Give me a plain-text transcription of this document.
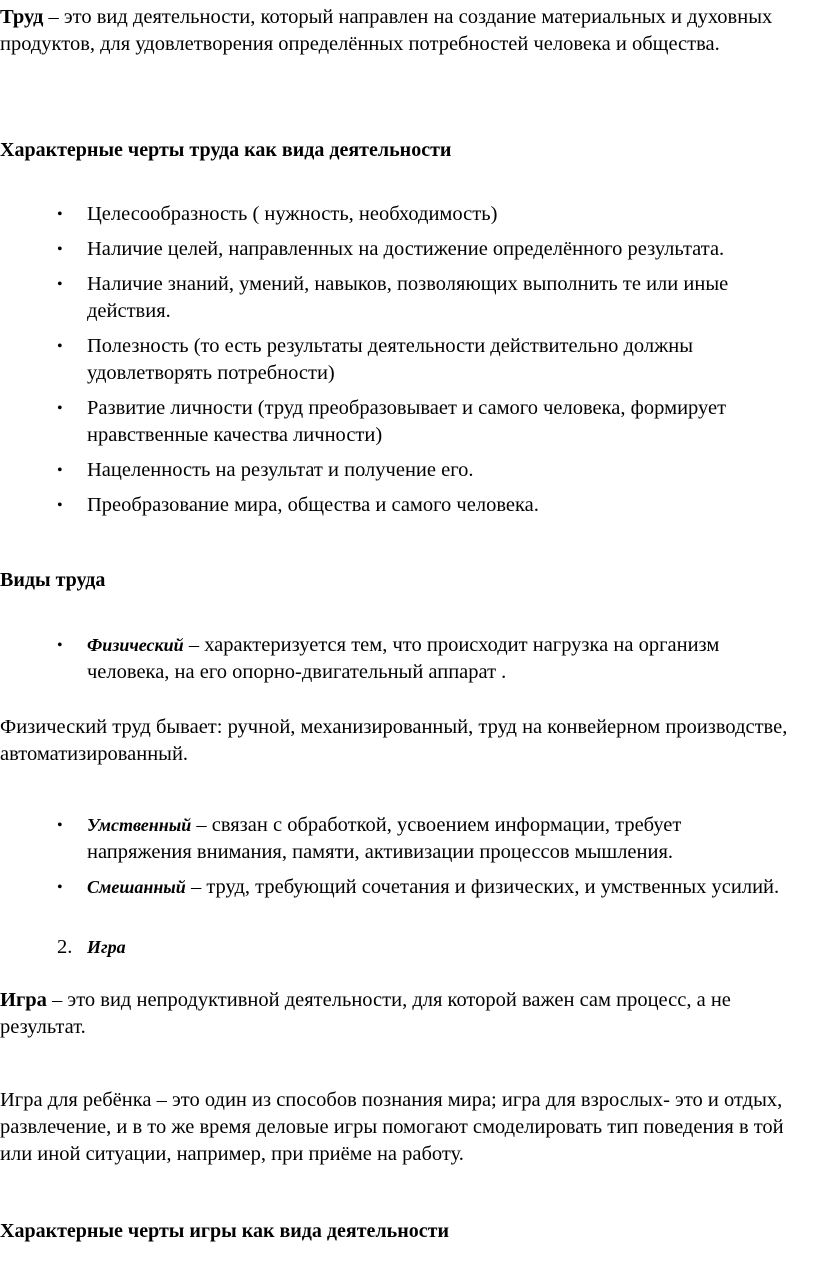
Труд – это вид деятельности, который направлен на создание материальных и духовных продуктов, для удовлетворения определённых потребностей человека и общества.

Характерные черты труда как вида деятельности

• Целесообразность ( нужность, необходимость)
• Наличие целей, направленных на достижение определённого результата.
• Наличие знаний, умений, навыков, позволяющих выполнить те или иные действия.
• Полезность (то есть результаты деятельности действительно должны удовлетворять потребности)
• Развитие личности (труд преобразовывает и самого человека, формирует нравственные качества личности)
• Нацеленность на результат и получение его.
• Преобразование мира, общества и самого человека.

Виды труда

• Физический – характеризуется тем, что происходит нагрузка на организм человека, на его опорно-двигательный аппарат .

Физический труд бывает: ручной, механизированный, труд на конвейерном производстве, автоматизированный.

• Умственный – связан с обработкой, усвоением информации, требует напряжения внимания, памяти, активизации процессов мышления.
• Смешанный – труд, требующий сочетания и физических, и умственных усилий.

2. Игра

Игра – это вид непродуктивной деятельности, для которой важен сам процесс, а не результат.

Игра для ребёнка – это один из способов познания мира; игра для взрослых- это и отдых, развлечение, и в то же время деловые игры помогают смоделировать тип поведения в той или иной ситуации, например, при приёме на работу.

Характерные черты игры как вида деятельности
